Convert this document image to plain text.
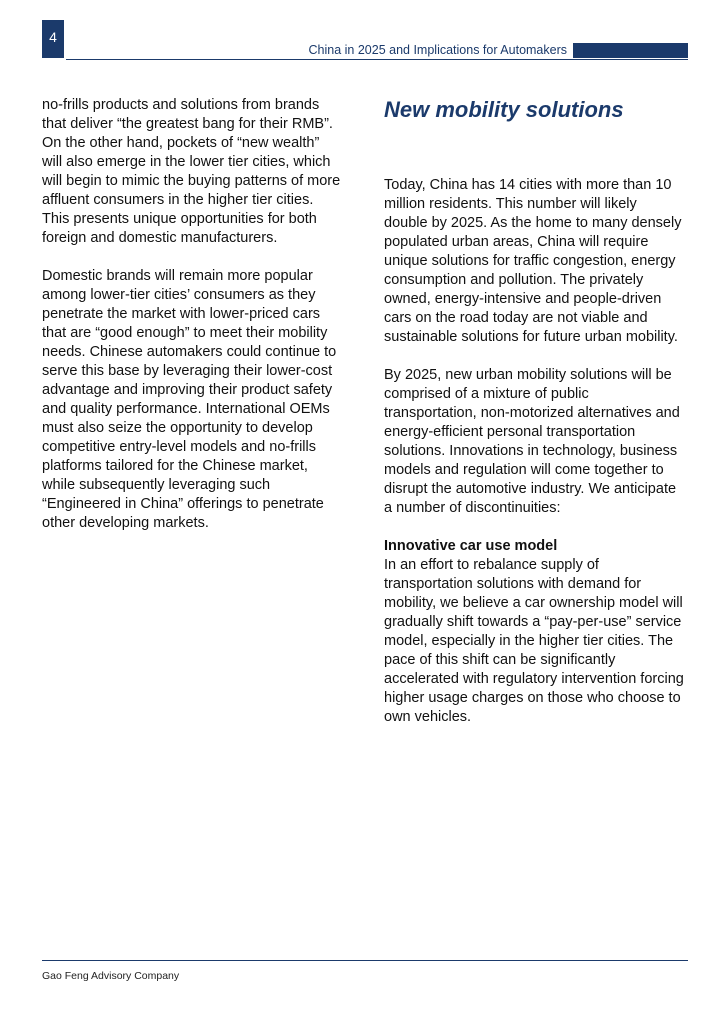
4
China in 2025 and Implications for Automakers

no-frills products and solutions from brands that deliver “the greatest bang for their RMB”. On the other hand, pockets of “new wealth” will also emerge in the lower tier cities, which will begin to mimic the buying patterns of more affluent consumers in the higher tier cities. This presents unique opportunities for both foreign and domestic manufacturers.

Domestic brands will remain more popular among lower-tier cities’ consumers as they penetrate the market with lower-priced cars that are “good enough” to meet their mobility needs. Chinese automakers could continue to serve this base by leveraging their lower-cost advantage and improving their product safety and quality performance. International OEMs must also seize the opportunity to develop competitive entry-level models and no-frills platforms tailored for the Chinese market, while subsequently leveraging such “Engineered in China” offerings to penetrate other developing markets.

New mobility solutions

Today, China has 14 cities with more than 10 million residents. This number will likely double by 2025. As the home to many densely populated urban areas, China will require unique solutions for traffic congestion, energy consumption and pollution. The privately owned, energy-intensive and people-driven cars on the road today are not viable and sustainable solutions for future urban mobility.

By 2025, new urban mobility solutions will be comprised of a mixture of public transportation, non-motorized alternatives and energy-efficient personal transportation solutions. Innovations in technology, business models and regulation will come together to disrupt the automotive industry. We anticipate a number of discontinuities:

Innovative car use model
In an effort to rebalance supply of transportation solutions with demand for mobility, we believe a car ownership model will gradually shift towards a “pay-per-use” service model, especially in the higher tier cities. The pace of this shift can be significantly accelerated with regulatory intervention forcing higher usage charges on those who choose to own vehicles.

Gao Feng Advisory Company
